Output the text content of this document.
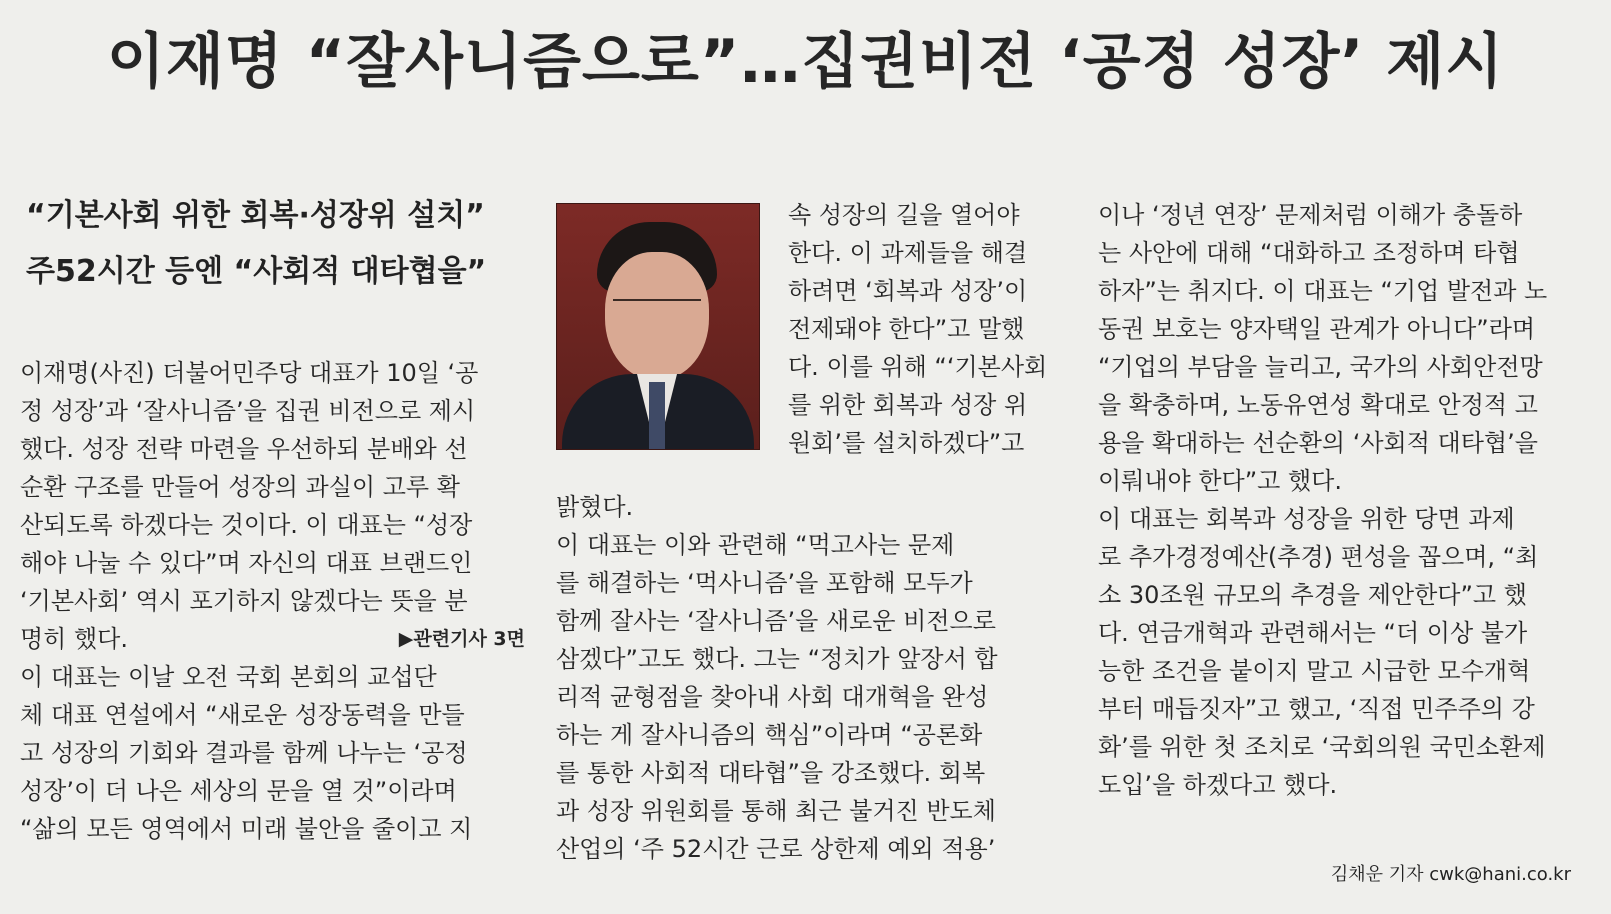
이재명 “잘사니즘으로”…집권비전 ‘공정 성장’ 제시
“기본사회 위한 회복·성장위 설치”
주52시간 등엔 “사회적 대타협을”
이재명(사진) 더불어민주당 대표가 10일 ‘공
정 성장’과 ‘잘사니즘’을 집권 비전으로 제시
했다. 성장 전략 마련을 우선하되 분배와 선
순환 구조를 만들어 성장의 과실이 고루 확
산되도록 하겠다는 것이다. 이 대표는 “성장
해야 나눌 수 있다”며 자신의 대표 브랜드인
‘기본사회’ 역시 포기하지 않겠다는 뜻을 분
명히 했다.	▶관련기사 3면
이 대표는 이날 오전 국회 본회의 교섭단
체 대표 연설에서 “새로운 성장동력을 만들
고 성장의 기회와 결과를 함께 나누는 ‘공정
성장’이 더 나은 세상의 문을 열 것”이라며
“삶의 모든 영역에서 미래 불안을 줄이고 지
속 성장의 길을 열어야
한다. 이 과제들을 해결
하려면 ‘회복과 성장’이
전제돼야 한다”고 말했
다. 이를 위해 “‘기본사회
를 위한 회복과 성장 위
원회’를 설치하겠다”고
밝혔다.
이 대표는 이와 관련해 “먹고사는 문제
를 해결하는 ‘먹사니즘’을 포함해 모두가
함께 잘사는 ‘잘사니즘’을 새로운 비전으로
삼겠다”고도 했다. 그는 “정치가 앞장서 합
리적 균형점을 찾아내 사회 대개혁을 완성
하는 게 잘사니즘의 핵심”이라며 “공론화
를 통한 사회적 대타협”을 강조했다. 회복
과 성장 위원회를 통해 최근 불거진 반도체
산업의 ‘주 52시간 근로 상한제 예외 적용’
이나 ‘정년 연장’ 문제처럼 이해가 충돌하
는 사안에 대해 “대화하고 조정하며 타협
하자”는 취지다. 이 대표는 “기업 발전과 노
동권 보호는 양자택일 관계가 아니다”라며
“기업의 부담을 늘리고, 국가의 사회안전망
을 확충하며, 노동유연성 확대로 안정적 고
용을 확대하는 선순환의 ‘사회적 대타협’을
이뤄내야 한다”고 했다.
이 대표는 회복과 성장을 위한 당면 과제
로 추가경정예산(추경) 편성을 꼽으며, “최
소 30조원 규모의 추경을 제안한다”고 했
다. 연금개혁과 관련해서는 “더 이상 불가
능한 조건을 붙이지 말고 시급한 모수개혁
부터 매듭짓자”고 했고, ‘직접 민주주의 강
화’를 위한 첫 조치로 ‘국회의원 국민소환제
도입’을 하겠다고 했다.
김채운 기자 cwk@hani.co.kr
